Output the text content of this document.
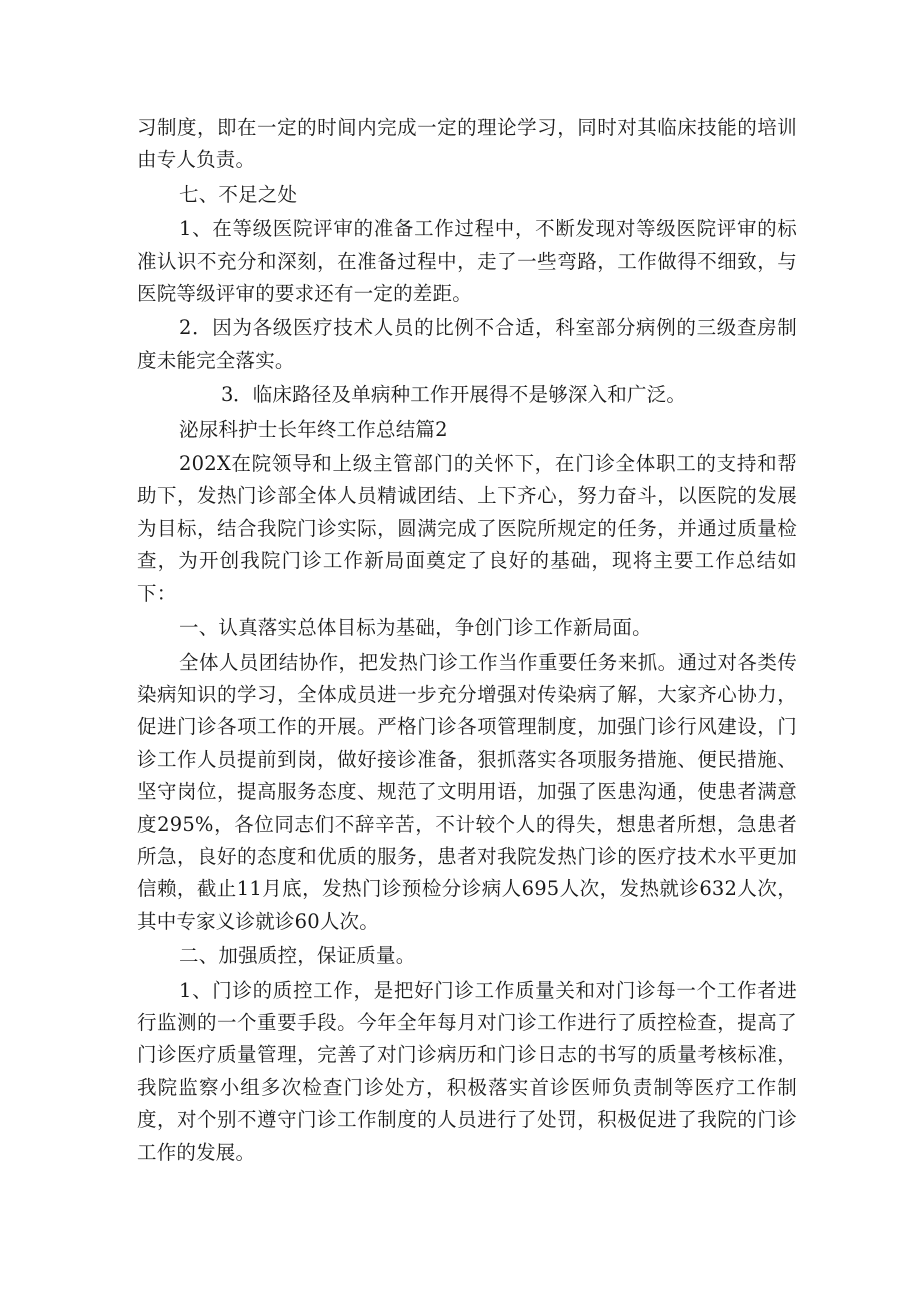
习制度，即在一定的时间内完成一定的理论学习，同时对其临床技能的培训由专人负责。

七、不足之处

1、在等级医院评审的准备工作过程中，不断发现对等级医院评审的标准认识不充分和深刻，在准备过程中，走了一些弯路，工作做得不细致，与医院等级评审的要求还有一定的差距。

2．因为各级医疗技术人员的比例不合适，科室部分病例的三级查房制度未能完全落实。

3．临床路径及单病种工作开展得不是够深入和广泛。

泌尿科护士长年终工作总结篇2

202X在院领导和上级主管部门的关怀下，在门诊全体职工的支持和帮助下，发热门诊部全体人员精诚团结、上下齐心，努力奋斗，以医院的发展为目标，结合我院门诊实际，圆满完成了医院所规定的任务，并通过质量检查，为开创我院门诊工作新局面奠定了良好的基础，现将主要工作总结如下：

一、认真落实总体目标为基础，争创门诊工作新局面。

全体人员团结协作，把发热门诊工作当作重要任务来抓。通过对各类传染病知识的学习，全体成员进一步充分增强对传染病了解，大家齐心协力，促进门诊各项工作的开展。严格门诊各项管理制度，加强门诊行风建设，门诊工作人员提前到岗，做好接诊准备，狠抓落实各项服务措施、便民措施、坚守岗位，提高服务态度、规范了文明用语，加强了医患沟通，使患者满意度295%，各位同志们不辞辛苦，不计较个人的得失，想患者所想，急患者所急，良好的态度和优质的服务，患者对我院发热门诊的医疗技术水平更加信赖，截止11月底，发热门诊预检分诊病人695人次，发热就诊632人次，其中专家义诊就诊60人次。

二、加强质控，保证质量。

1、门诊的质控工作，是把好门诊工作质量关和对门诊每一个工作者进行监测的一个重要手段。今年全年每月对门诊工作进行了质控检查，提高了门诊医疗质量管理，完善了对门诊病历和门诊日志的书写的质量考核标准，我院监察小组多次检查门诊处方，积极落实首诊医师负责制等医疗工作制度，对个别不遵守门诊工作制度的人员进行了处罚，积极促进了我院的门诊工作的发展。
